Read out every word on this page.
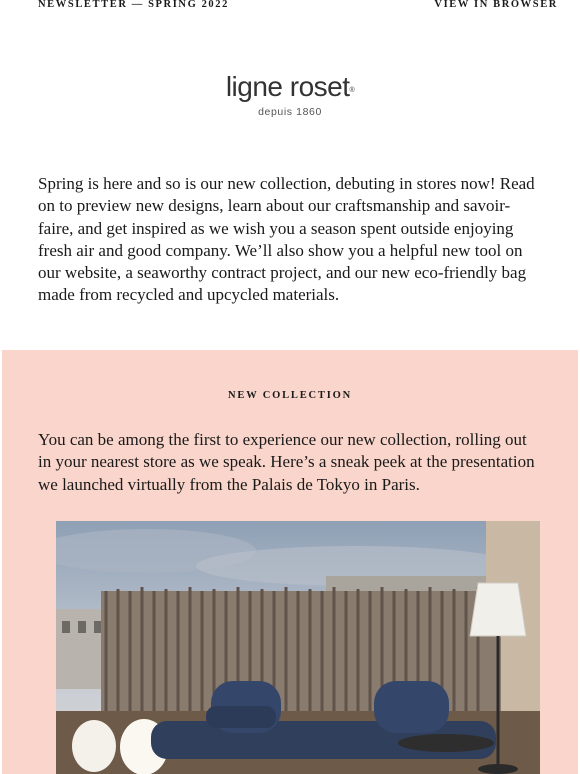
NEWSLETTER — SPRING 2022	VIEW IN BROWSER
ligne roset®
depuis 1860

Spring is here and so is our new collection, debuting in stores now! Read on to preview new designs, learn about our craftsmanship and savoir-faire, and get inspired as we wish you a season spent outside enjoying fresh air and good company. We’ll also show you a helpful new tool on our website, a seaworthy contract project, and our new eco-friendly bag made from recycled and upcycled materials.

NEW COLLECTION

You can be among the first to experience our new collection, rolling out in your nearest store as we speak. Here’s a sneak peek at the presentation we launched virtually from the Palais de Tokyo in Paris.
